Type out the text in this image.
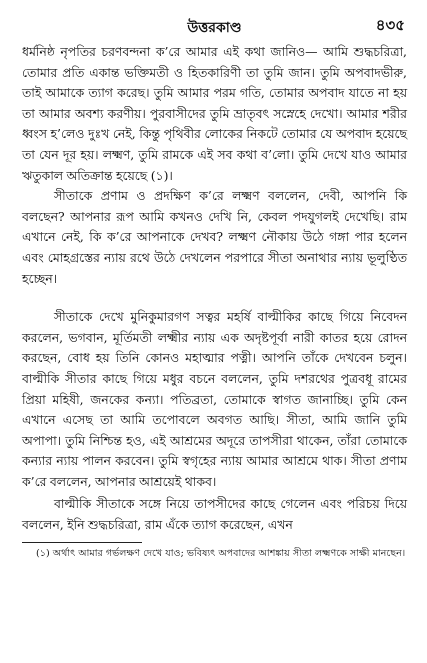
উত্তরকাণ্ড	৪৩৫

ধর্মনিষ্ঠ নৃপতির চরণবন্দনা ক’রে আমার এই কথা জানিও— আমি শুদ্ধচরিত্রা, তোমার প্রতি একান্ত ভক্তিমতী ও হিতকারিণী তা তুমি জান। তুমি অপবাদভীরু, তাই আমাকে ত্যাগ করেছ। তুমি আমার পরম গতি, তোমার অপবাদ যাতে না হয় তা আমার অবশ্য করণীয়। পুরবাসীদের তুমি ভ্রাতৃবৎ সস্নেহে দেখো। আমার শরীর ধ্বংস হ’লেও দুঃখ নেই, কিন্তু পৃথিবীর লোকের নিকটে তোমার যে অপবাদ হয়েছে তা যেন দূর হয়। লক্ষ্মণ, তুমি রামকে এই সব কথা ব’লো। তুমি দেখে যাও আমার ঋতুকাল অতিক্রান্ত হয়েছে (১)।

সীতাকে প্রণাম ও প্রদক্ষিণ ক’রে লক্ষ্মণ বললেন, দেবী, আপনি কি বলছেন? আপনার রূপ আমি কখনও দেখি নি, কেবল পদযুগলই দেখেছি। রাম এখানে নেই, কি ক’রে আপনাকে দেখব? লক্ষ্মণ নৌকায় উঠে গঙ্গা পার হলেন এবং মোহগ্রস্তের ন্যায় রথে উঠে দেখলেন পরপারে সীতা অনাথার ন্যায় ভূলুণ্ঠিত হচ্ছেন।

সীতাকে দেখে মুনিকুমারগণ সত্বর মহর্ষি বাল্মীকির কাছে গিয়ে নিবেদন করলেন, ভগবান, মূর্তিমতী লক্ষ্মীর ন্যায় এক অদৃষ্টপূর্বা নারী কাতর হয়ে রোদন করছেন, বোধ হয় তিনি কোনও মহাত্মার পত্নী। আপনি তাঁকে দেখবেন চলুন। বাল্মীকি সীতার কাছে গিয়ে মধুর বচনে বললেন, তুমি দশরথের পুত্রবধূ রামের প্রিয়া মহিষী, জনকের কন্যা। পতিব্রতা, তোমাকে স্বাগত জানাচ্ছি। তুমি কেন এখানে এসেছ তা আমি তপোবলে অবগত আছি। সীতা, আমি জানি তুমি অপাপা। তুমি নিশ্চিন্ত হও, এই আশ্রমের অদূরে তাপসীরা থাকেন, তাঁরা তোমাকে কন্যার ন্যায় পালন করবেন। তুমি স্বগৃহের ন্যায় আমার আশ্রমে থাক। সীতা প্রণাম ক’রে বললেন, আপনার আশ্রয়েই থাকব।

বাল্মীকি সীতাকে সঙ্গে নিয়ে তাপসীদের কাছে গেলেন এবং পরিচয় দিয়ে বললেন, ইনি শুদ্ধচরিত্রা, রাম এঁকে ত্যাগ করেছেন, এখন

(১) অর্থাৎ আমার গর্ভলক্ষণ দেখে যাও; ভবিষ্যৎ অপবাদের আশঙ্কায় সীতা লক্ষ্মণকে সাক্ষী মানছেন।
